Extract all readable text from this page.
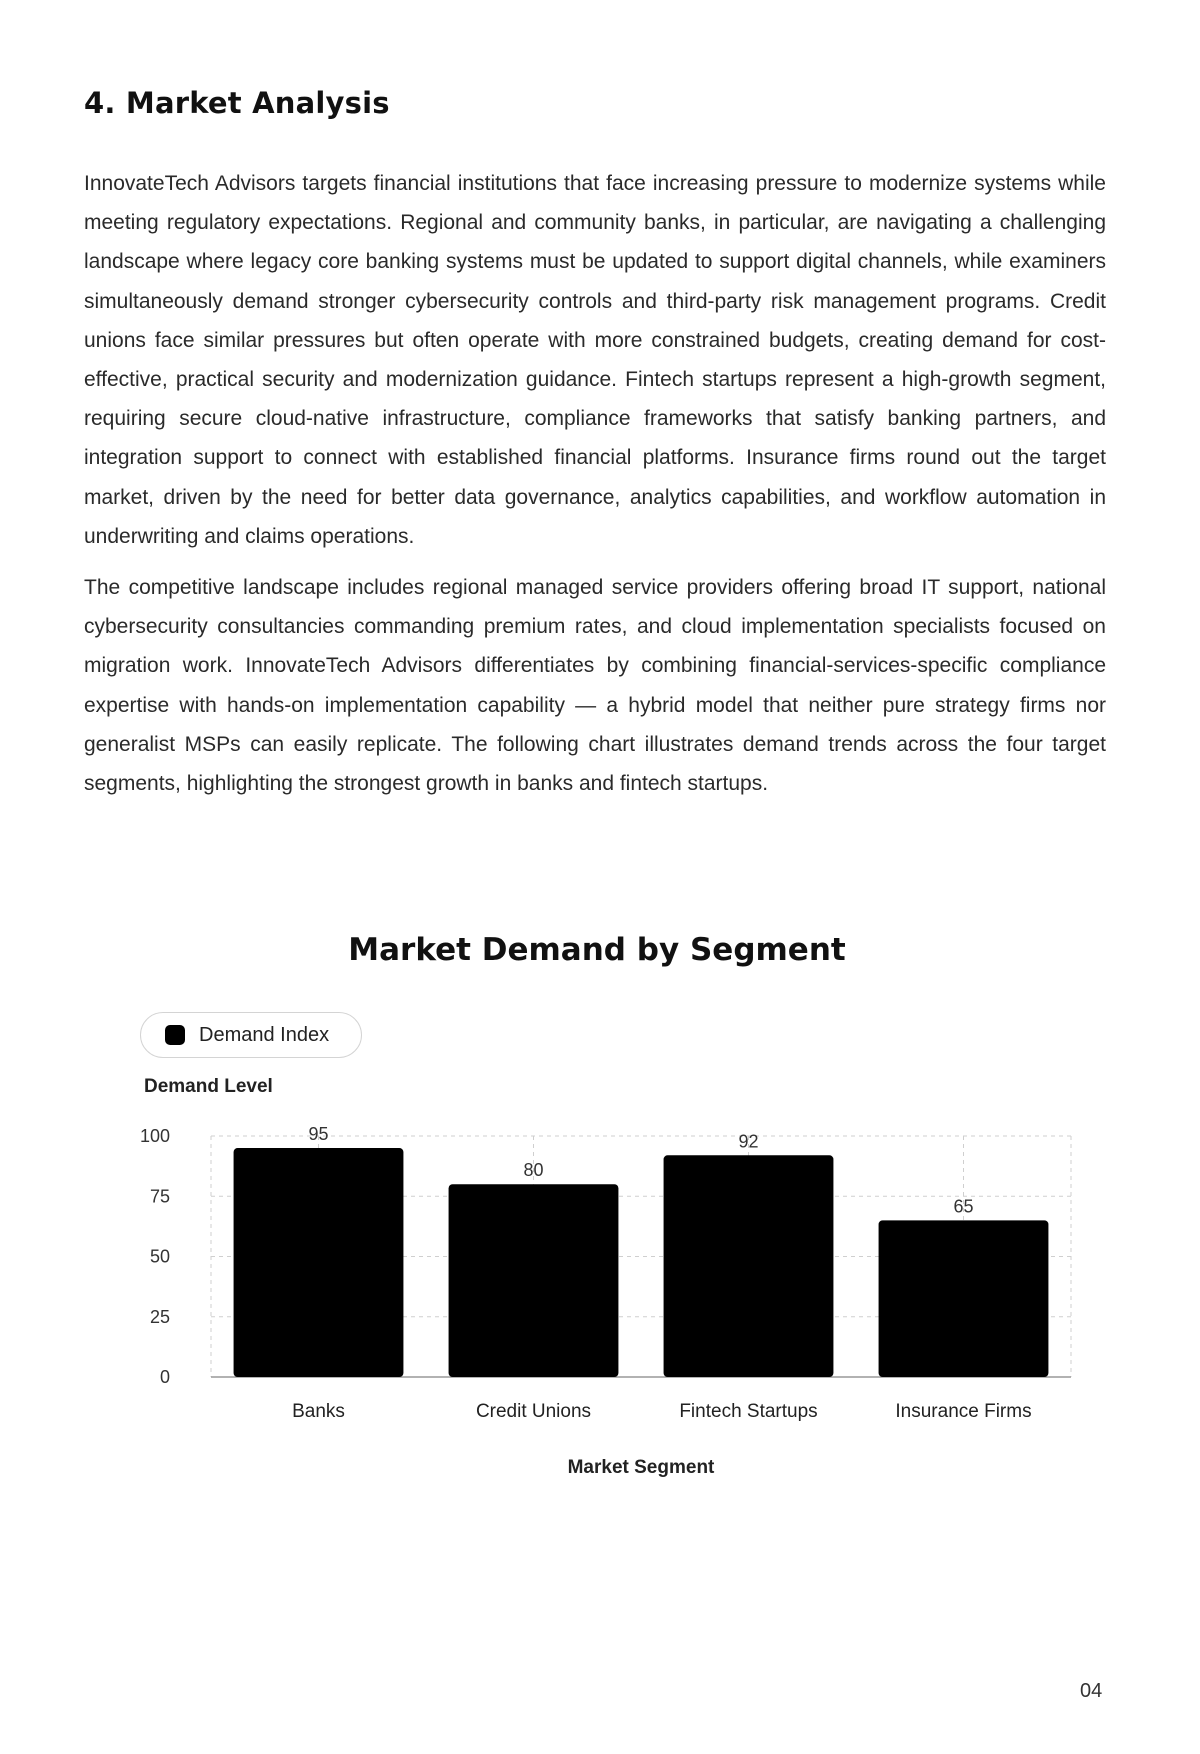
4. Market Analysis

InnovateTech Advisors targets financial institutions that face increasing pressure to modernize systems while meeting regulatory expectations. Regional and community banks, in particular, are navigating a challenging landscape where legacy core banking systems must be updated to support digital channels, while examiners simultaneously demand stronger cybersecurity controls and third-party risk management programs. Credit unions face similar pressures but often operate with more constrained budgets, creating demand for cost-effective, practical security and modernization guidance. Fintech startups represent a high-growth segment, requiring secure cloud-native infrastructure, compliance frameworks that satisfy banking partners, and integration support to connect with established financial platforms. Insurance firms round out the target market, driven by the need for better data governance, analytics capabilities, and workflow automation in underwriting and claims operations.

The competitive landscape includes regional managed service providers offering broad IT support, national cybersecurity consultancies commanding premium rates, and cloud implementation specialists focused on migration work. InnovateTech Advisors differentiates by combining financial-services-specific compliance expertise with hands-on implementation capability — a hybrid model that neither pure strategy firms nor generalist MSPs can easily replicate. The following chart illustrates demand trends across the four target segments, highlighting the strongest growth in banks and fintech startups.

Market Demand by Segment
Demand Level
Market Segment
0
25
50
75
100	95
Banks
80
Credit Unions
92
Fintech Startups
65
Insurance Firms
Demand Index
04
